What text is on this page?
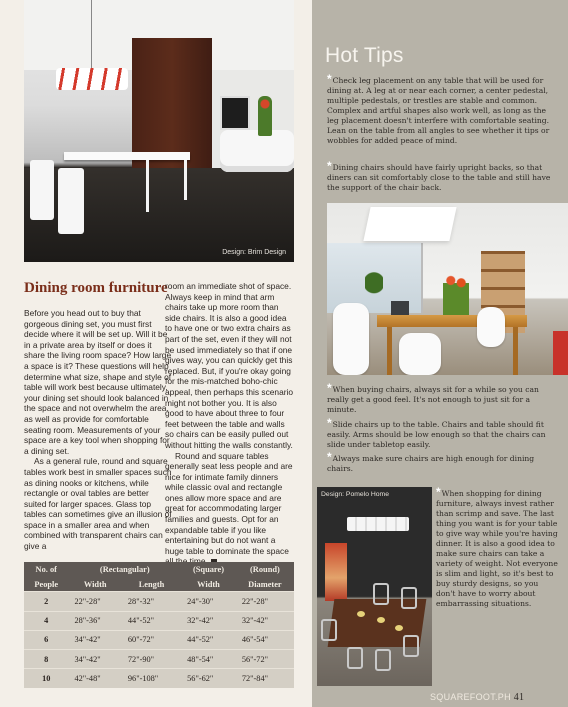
Design: Brim Design
Dining room furniture

Before you head out to buy that gorgeous dining set, you must first decide where it will be set up. Will it be in a private area by itself or does it share the living room space? How large a space is it? These questions will help determine what size, shape and style of table will work best because ultimately, your dining set should look balanced in the space and not overwhelm the area, as well as provide for comfortable seating room. Measurements of your space are a key tool when shopping for a dining set.

As a general rule, round and square tables work best in smaller spaces such as dining nooks or kitchens, while rectangle or oval tables are better suited for larger spaces. Glass top tables can sometimes give an illusion of space in a smaller area and when combined with transparent chairs can give a

room an immediate shot of space. Always keep in mind that arm chairs take up more room than side chairs. It is also a good idea to have one or two extra chairs as part of the set, even if they will not be used immediately so that if one gives way, you can quickly get this replaced. But, if you're okay going for the mis-matched boho-chic appeal, then perhaps this scenario might not bother you. It is also good to have about three to four feet between the table and walls so chairs can be easily pulled out without hitting the walls constantly.

Round and square tables generally seat less people and are nice for intimate family dinners while classic oval and rectangle ones allow more space and are great for accommodating larger families and guests. Opt for an expandable table if you like entertaining but do not want a huge table to dominate the space

No. of	(Rectangular)		(Square)	(Round)
People	Width	Length	Width	Diameter
2	22"-28"	28"-32"	24"-30"	22"-28"
4	28"-36"	44"-52"	32"-42"	32"-42"
6	34"-42"	60"-72"	44"-52"	46"-54"
8	34"-42"	72"-90"	48"-54"	56"-72"
10	42"-48"	96"-108"	56"-62"	72"-84"
Hot Tips

*Check leg placement on any table that will be used for dining at. A leg at or near each corner, a center pedestal, multiple pedestals, or trestles are stable and common. Complex and artful shapes also work well, as long as the leg placement doesn't interfere with comfortable seating. Lean on the table from all angles to see whether it tips or wobbles for added peace of mind.

*Dining chairs should have fairly upright backs, so that diners can sit comfortably close to the table and still have the support of the chair back.

*When buying chairs, always sit for a while so you can really get a good feel. It's not enough to just sit for a minute.

*Slide chairs up to the table. Chairs and table should fit easily. Arms should be low enough so that the chairs can slide under tabletop easily.

*Always make sure chairs are high enough for dining chairs.

Design: Pomelo Home	*When shopping for dining furniture, always invest rather than scrimp and save. The last thing you want is for your table to give way while you're having dinner. It is also a good idea to make sure chairs can take a variety of weight. Not everyone is slim and light, so it's best to buy sturdy designs, so you don't have to worry about embarrassing situations.

SQUAREFOOT.PH 41
